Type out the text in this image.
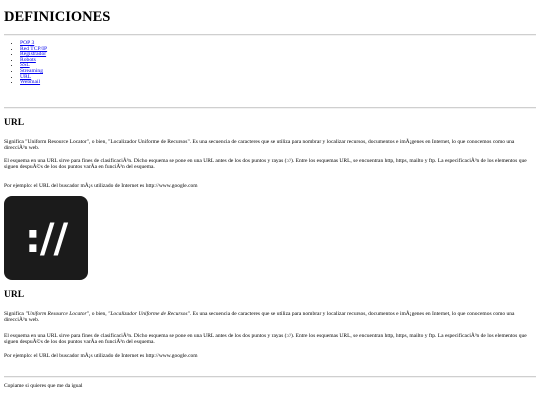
DEFINICIONES
• POP 3
• Red TCP/IP
• Registrador
• Robots
• SSL
• Streaming
• URL
• Webmail
URL

Significa "Uniform Resource Locator", o bien, "Localizador Uniforme de Recursos". Es una secuencia de caracteres que se utiliza para nombrar y localizar recursos, documentos e imÃ¡genes en Internet, lo que conocemos como una direcciÃ³n web.

El esquema en una URL sirve para fines de clasificaciÃ³n. Dicho esquema se pone en una URL antes de los dos puntos y rayas (://). Entre los esquemas URL, se encuentran http, https, mailto y ftp. La especificaciÃ³n de los elementos que siguen despuÃ©s de los dos puntos varÃa en funciÃ³n del esquema.

Por ejemplo: el URL del buscador mÃ¡s utilizado de Internet es http://www.google.com

://
URL

Significa "Uniform Resource Locator", o bien, "Localizador Uniforme de Recursos". Es una secuencia de caracteres que se utiliza para nombrar y localizar recursos, documentos e imÃ¡genes en Internet, lo que conocemos como una direcciÃ³n web.

El esquema en una URL sirve para fines de clasificaciÃ³n. Dicho esquema se pone en una URL antes de los dos puntos y rayas (://). Entre los esquemas URL, se encuentran http, https, mailto y ftp. La especificaciÃ³n de los elementos que siguen despuÃ©s de los dos puntos varÃa en funciÃ³n del esquema.

Por ejemplo: el URL del buscador mÃ¡s utilizado de Internet es http://www.google.com

Copiame si quieres que me da igual
